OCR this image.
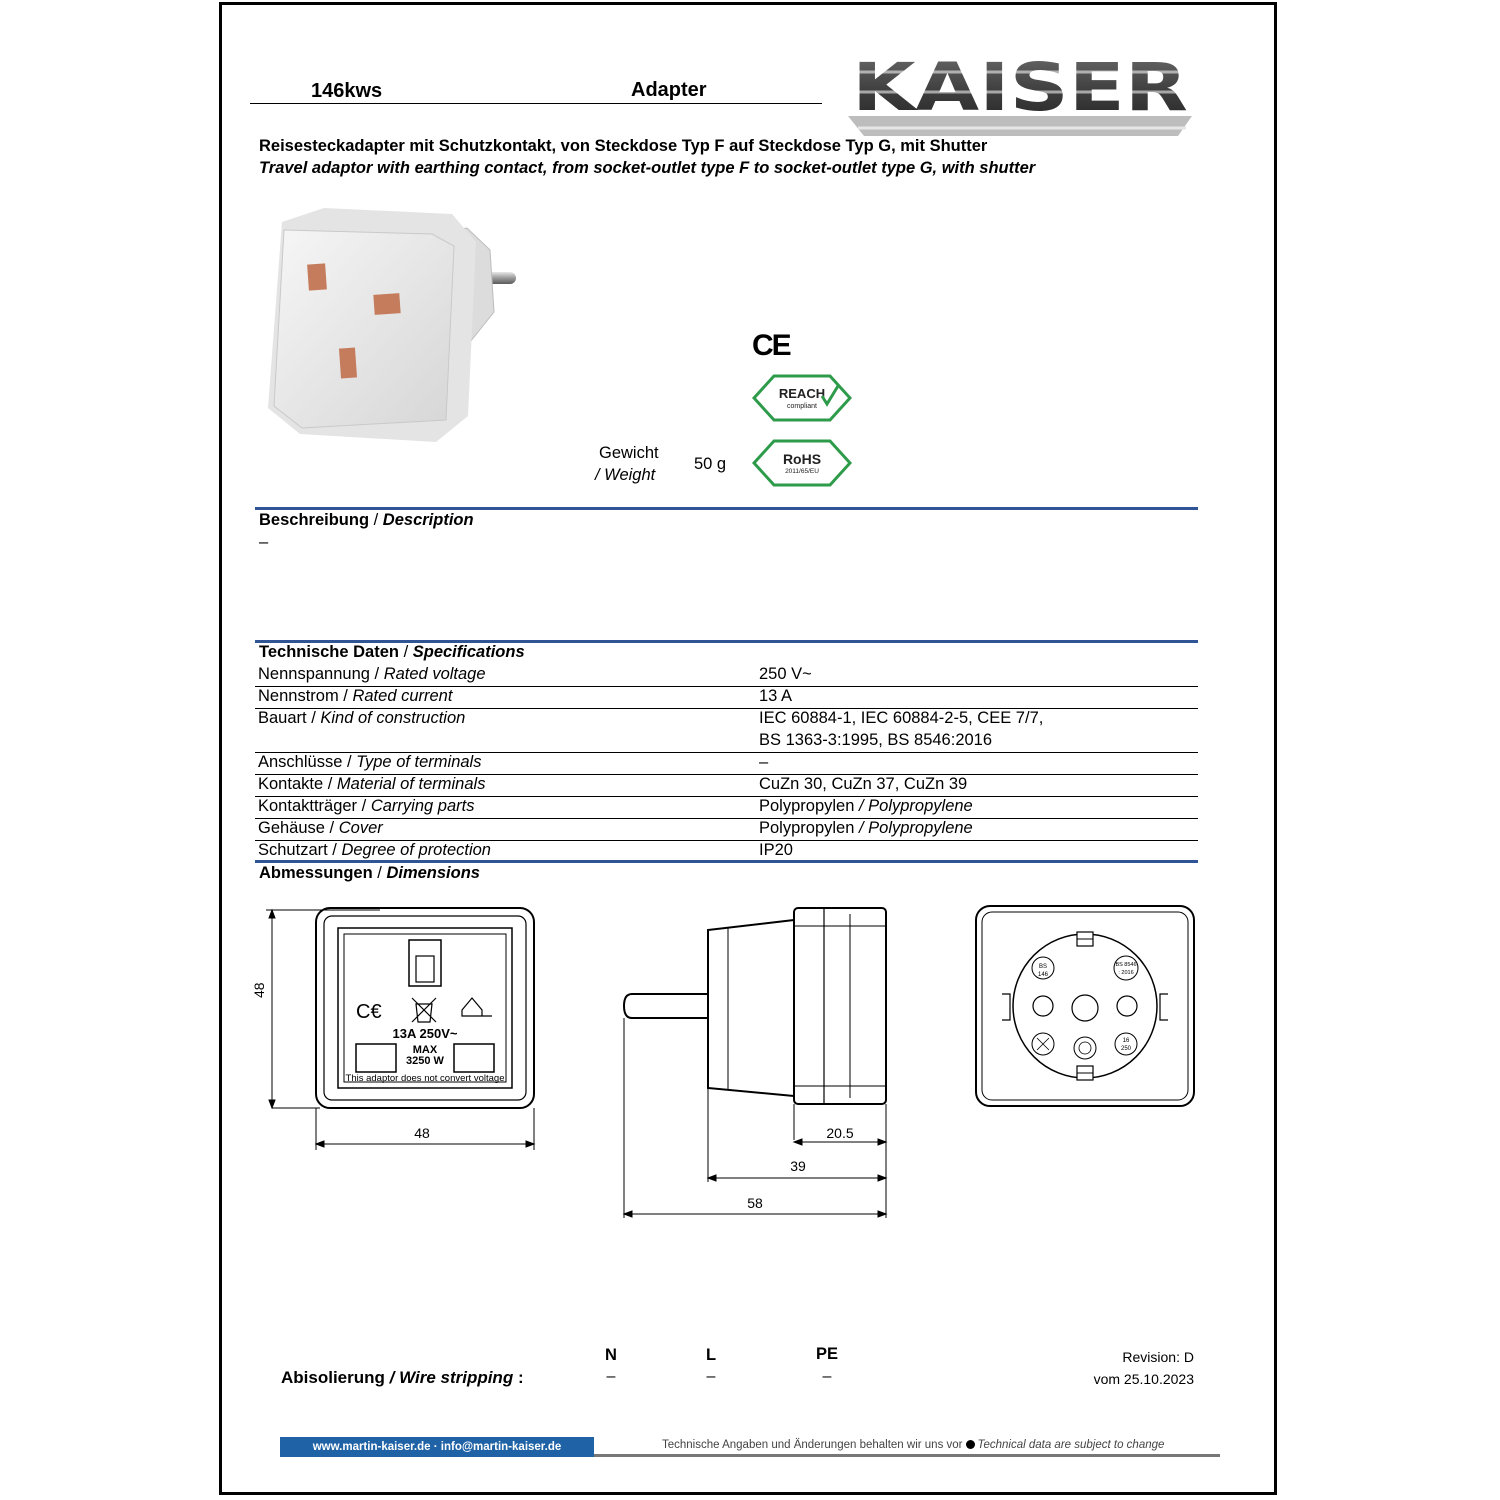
146kws	Adapter KAISER
Reisesteckadapter mit Schutzkontakt, von Steckdose Typ F auf Steckdose Typ G, mit Shutter
Travel adaptor with earthing contact, from socket-outlet type F to socket-outlet type G, with shutter
CE
REACH
compliant
RoHS
2011/65/EU
Gewicht
/ Weight
50 g
Beschreibung / Description
–
Technische Daten / Specifications
Nennspannung / Rated voltage	250 V~
Nennstrom / Rated current	13 A
Bauart / Kind of construction	IEC 60884-1, IEC 60884-2-5, CEE 7/7,
BS 1363-3:1995, BS 8546:2016
Anschlüsse / Type of terminals	–
Kontakte / Material of terminals	CuZn 30, CuZn 37, CuZn 39
Kontaktträger / Carrying parts	Polypropylen / Polypropylene
Gehäuse / Cover	Polypropylen / Polypropylene
Schutzart / Degree of protection	IP20
Abmessungen / Dimensions
48
C€
13A 250V~
MAX
3250 W
This adaptor does not convert voltage
48	20.5
39
58
BS
146
BS 8546
: 2016
16
250
Abisolierung / Wire stripping :
N	L	PE
–	–	–
Revision: D
vom 25.10.2023
www.martin-kaiser.de · info@martin-kaiser.de	Technische Angaben und Änderungen behalten wir uns vor Technical data are subject to change
